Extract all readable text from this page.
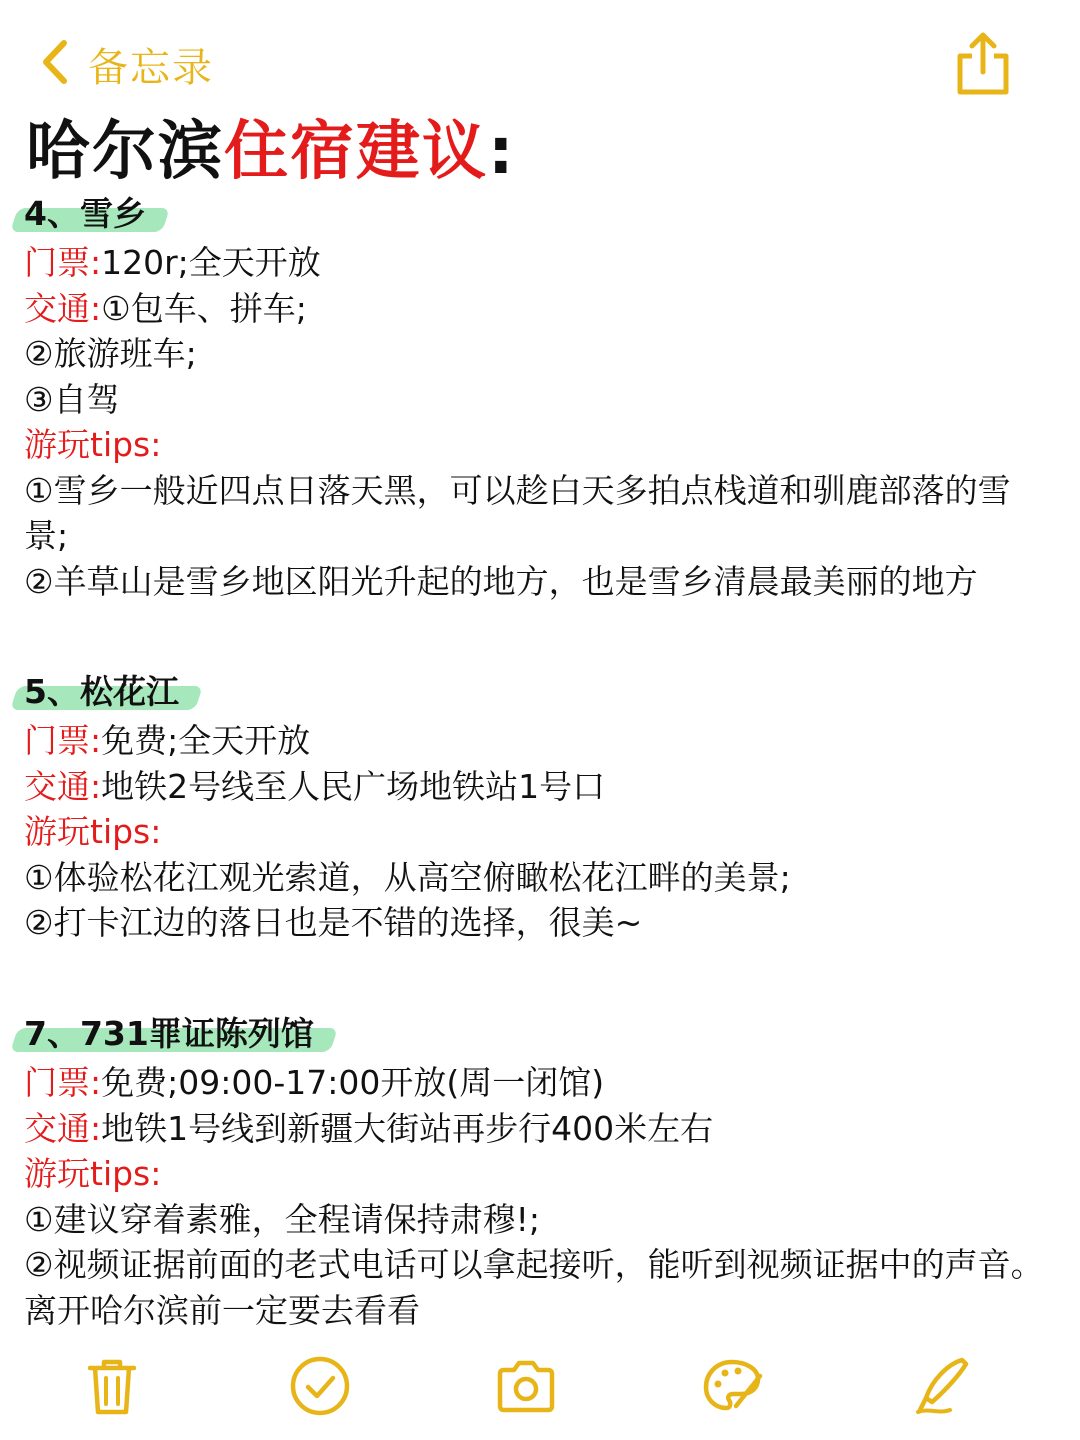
备忘录
哈尔滨住宿建议:
4、雪乡
门票:120r;全天开放
交通:①包车、拼车;
②旅游班车;
③自驾
游玩tips:
①雪乡一般近四点日落天黑，可以趁白天多拍点栈道和驯鹿部落的雪景;
②羊草山是雪乡地区阳光升起的地方，也是雪乡清晨最美丽的地方
5、松花江
门票:免费;全天开放
交通:地铁2号线至人民广场地铁站1号口
游玩tips:
①体验松花江观光索道，从高空俯瞰松花江畔的美景;
②打卡江边的落日也是不错的选择，很美~
7、731罪证陈列馆
门票:免费;09:00-17:00开放(周一闭馆)
交通:地铁1号线到新疆大街站再步行400米左右
游玩tips:
①建议穿着素雅，全程请保持肃穆!;
②视频证据前面的老式电话可以拿起接听，能听到视频证据中的声音。离开哈尔滨前一定要去看看
